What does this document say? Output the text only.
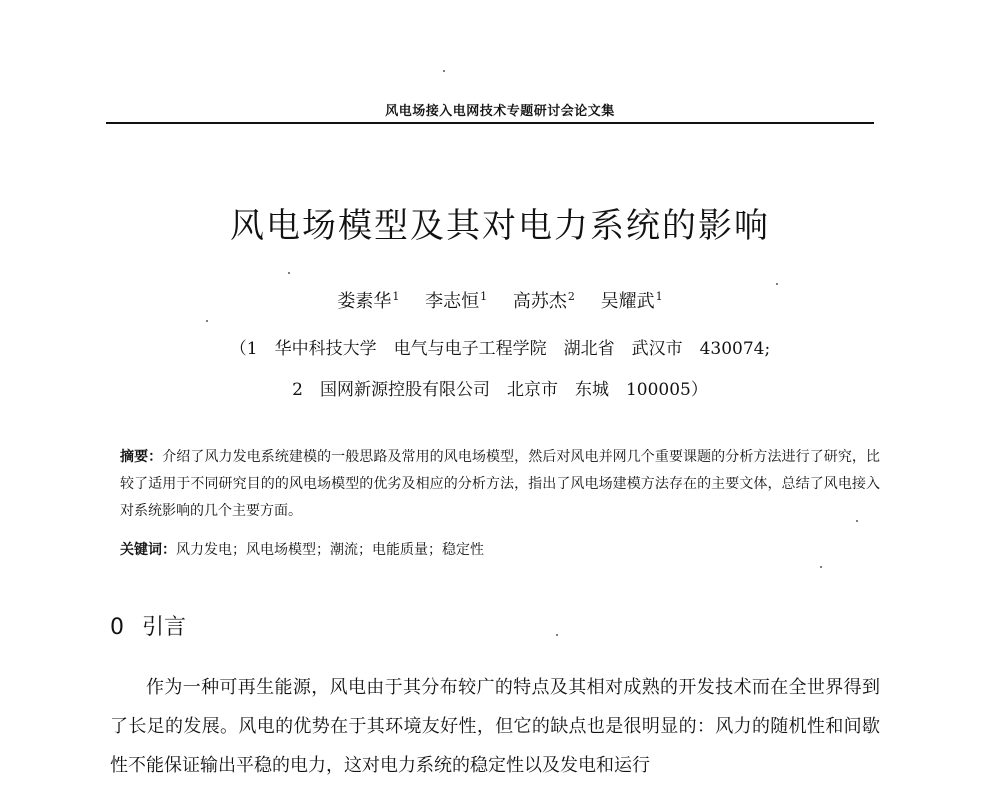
风电场接入电网技术专题研讨会论文集
风电场模型及其对电力系统的影响
娄素华$^1$ 李志恒$^1$ 高苏杰$^2$ 吴耀武$^1$
（1　华中科技大学　电气与电子工程学院　湖北省　武汉市　430074;
2　国网新源控股有限公司　北京市　东城　100005）
摘要：介绍了风力发电系统建模的一般思路及常用的风电场模型，然后对风电并网几个重要课题的分析方法进行了研究，比较了适用于不同研究目的的风电场模型的优劣及相应的分析方法，指出了风电场建模方法存在的主要文体，总结了风电接入对系统影响的几个主要方面。
关键词：风力发电；风电场模型；潮流；电能质量；稳定性
0 引言

作为一种可再生能源，风电由于其分布较广的特点及其相对成熟的开发技术而在全世界得到了长足的发展。风电的优势在于其环境友好性，但它的缺点也是很明显的：风力的随机性和间歇性不能保证输出平稳的电力，这对电力系统的稳定性以及发电和运行
